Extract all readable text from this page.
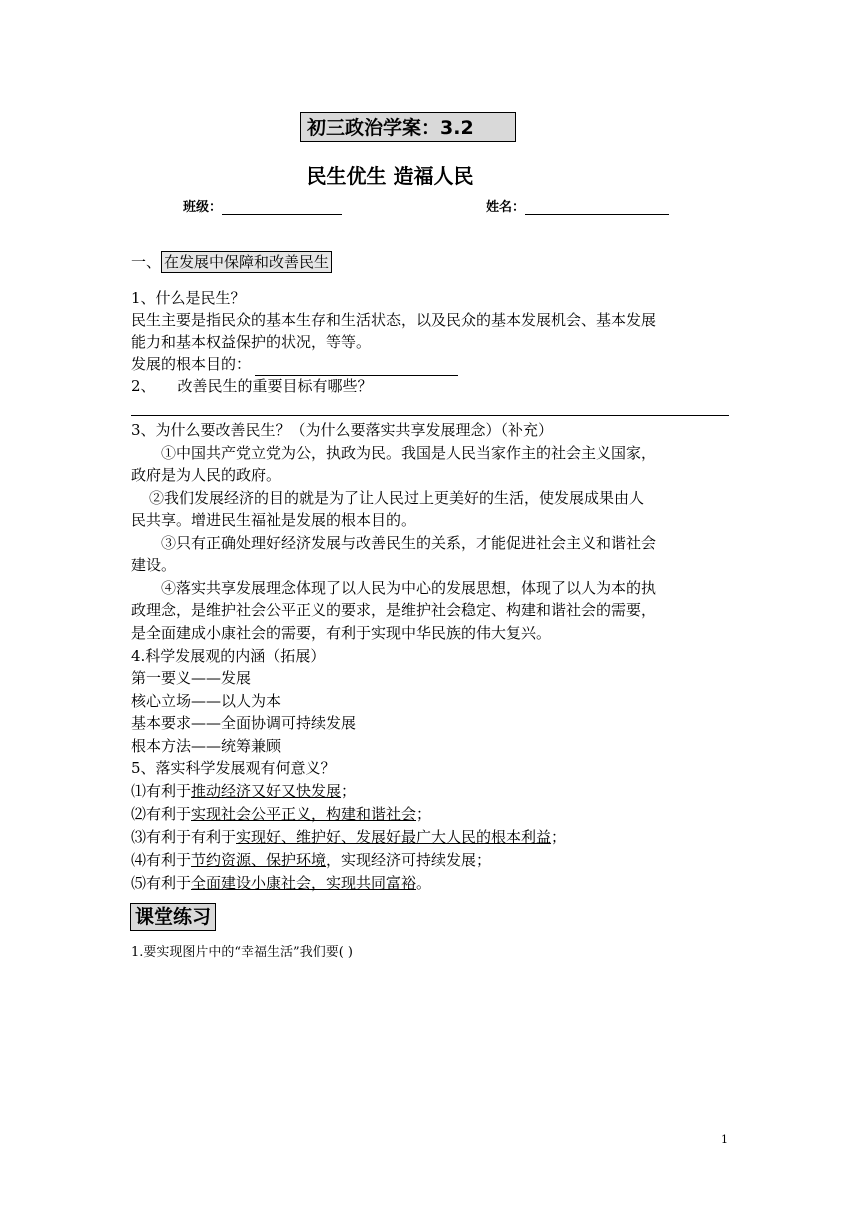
初三政治学案：3.2
民生优生 造福人民
班级：	姓名：
一、 在发展中保障和改善民生
1、什么是民生？
民生主要是指民众的基本生存和生活状态，以及民众的基本发展机会、基本发展
能力和基本权益保护的状况，等等。
发展的根本目的：
2、 改善民生的重要目标有哪些？
3、为什么要改善民生？（为什么要落实共享发展理念）（补充）
①中国共产党立党为公，执政为民。我国是人民当家作主的社会主义国家，
政府是为人民的政府。
②我们发展经济的目的就是为了让人民过上更美好的生活，使发展成果由人
民共享。增进民生福祉是发展的根本目的。
③只有正确处理好经济发展与改善民生的关系，才能促进社会主义和谐社会
建设。
④落实共享发展理念体现了以人民为中心的发展思想，体现了以人为本的执
政理念，是维护社会公平正义的要求，是维护社会稳定、构建和谐社会的需要，
是全面建成小康社会的需要，有利于实现中华民族的伟大复兴。
4.科学发展观的内涵（拓展）
第一要义——发展
核心立场——以人为本
基本要求——全面协调可持续发展
根本方法——统筹兼顾
5、落实科学发展观有何意义？
⑴有利于推动经济又好又快发展；
⑵有利于实现社会公平正义，构建和谐社会；
⑶有利于有利于实现好、维护好、发展好最广大人民的根本利益；
⑷有利于节约资源、保护环境，实现经济可持续发展；
⑸有利于全面建设小康社会，实现共同富裕。
课堂练习
1.要实现图片中的“幸福生活”我们要( )
1
